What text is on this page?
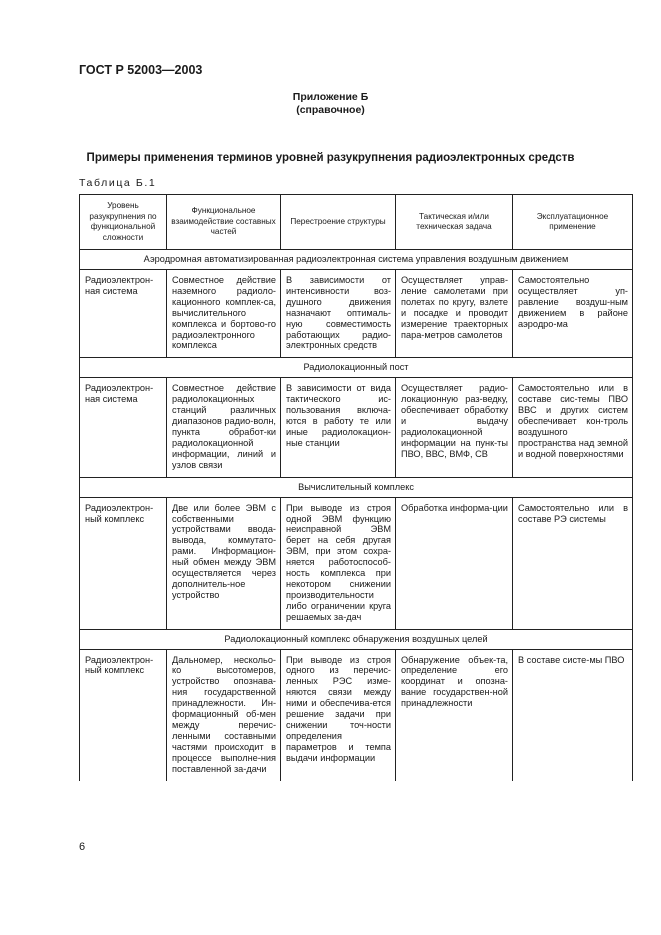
ГОСТ Р 52003—2003
Приложение Б
(справочное)
Примеры применения терминов уровней разукрупнения радиоэлектронных средств
Таблица Б.1
Уровень разукрупнения по функциональной сложности	Функциональное взаимодействие составных частей	Перестроение структуры	Тактическая и/или техническая задача	Эксплуатационное применение
Аэродромная автоматизированная радиоэлектронная система управления воздушным движением				
Радиоэлектрон-ная система	Совместное действие наземного радиоло-кационного комплек-са, вычислительного комплекса и бортово-го радиоэлектронного комплекса	В зависимости от интенсивности воз-душного движения назначают оптималь-ную совместимость работающих радио-электронных средств	Осуществляет управ-ление самолетами при полетах по кругу, взлете и посадке и проводит измерение траекторных пара-метров самолетов	Самостоятельно осуществляет уп-равление воздуш-ным движением в районе аэродро-ма
Радиолокационный пост				
Радиоэлектрон-ная система	Совместное действие радиолокационных станций различных диапазонов радио-волн, пункта обработ-ки радиолокационной информации, линий и узлов связи	В зависимости от вида тактического ис-пользования включа-ются в работу те или иные радиолокацион-ные станции	Осуществляет радио-локационную раз-ведку, обеспечивает обработку и выдачу радиолокационной информации на пунк-ты ПВО, ВВС, ВМФ, СВ	Самостоятельно или в составе сис-темы ПВО ВВС и других систем обеспечивает кон-троль воздушного пространства над земной и водной поверхностями
Вычислительный комплекс				
Радиоэлектрон-ный комплекс	Две или более ЭВМ с собственными устройствами вводa-вывода, коммутато-рами. Информацион-ный обмен между ЭВМ осуществляется через дополнитель-ное устройство	При выводе из строя одной ЭВМ функцию неисправной ЭВМ берет на себя другая ЭВМ, при этом сохра-няется работоспособ-ность комплекса при некотором снижении производительности либо ограничении круга решаемых за-дач	Обработка информа-ции	Самостоятельно или в составе РЭ системы
Радиолокационный комплекс обнаружения воздушных целей				
Радиоэлектрон-ный комплекс	Дальномер, нескольо-ко высотомеров, устройство опознава-ния государственной принадлежности. Ин-формационный об-мен между перечис-ленными составными частями происходит в процессе выполне-ния поставленной за-дачи	При выводе из строя одного из перечис-ленных РЭС изме-няются связи между ними и обеспечива-ется решение задачи при снижении точ-ности определения параметров и темпа выдачи информации	Обнаружение объек-та, определение его координат и опозна-вание государствен-ной принадлежности	В составе систе-мы ПВО
6
